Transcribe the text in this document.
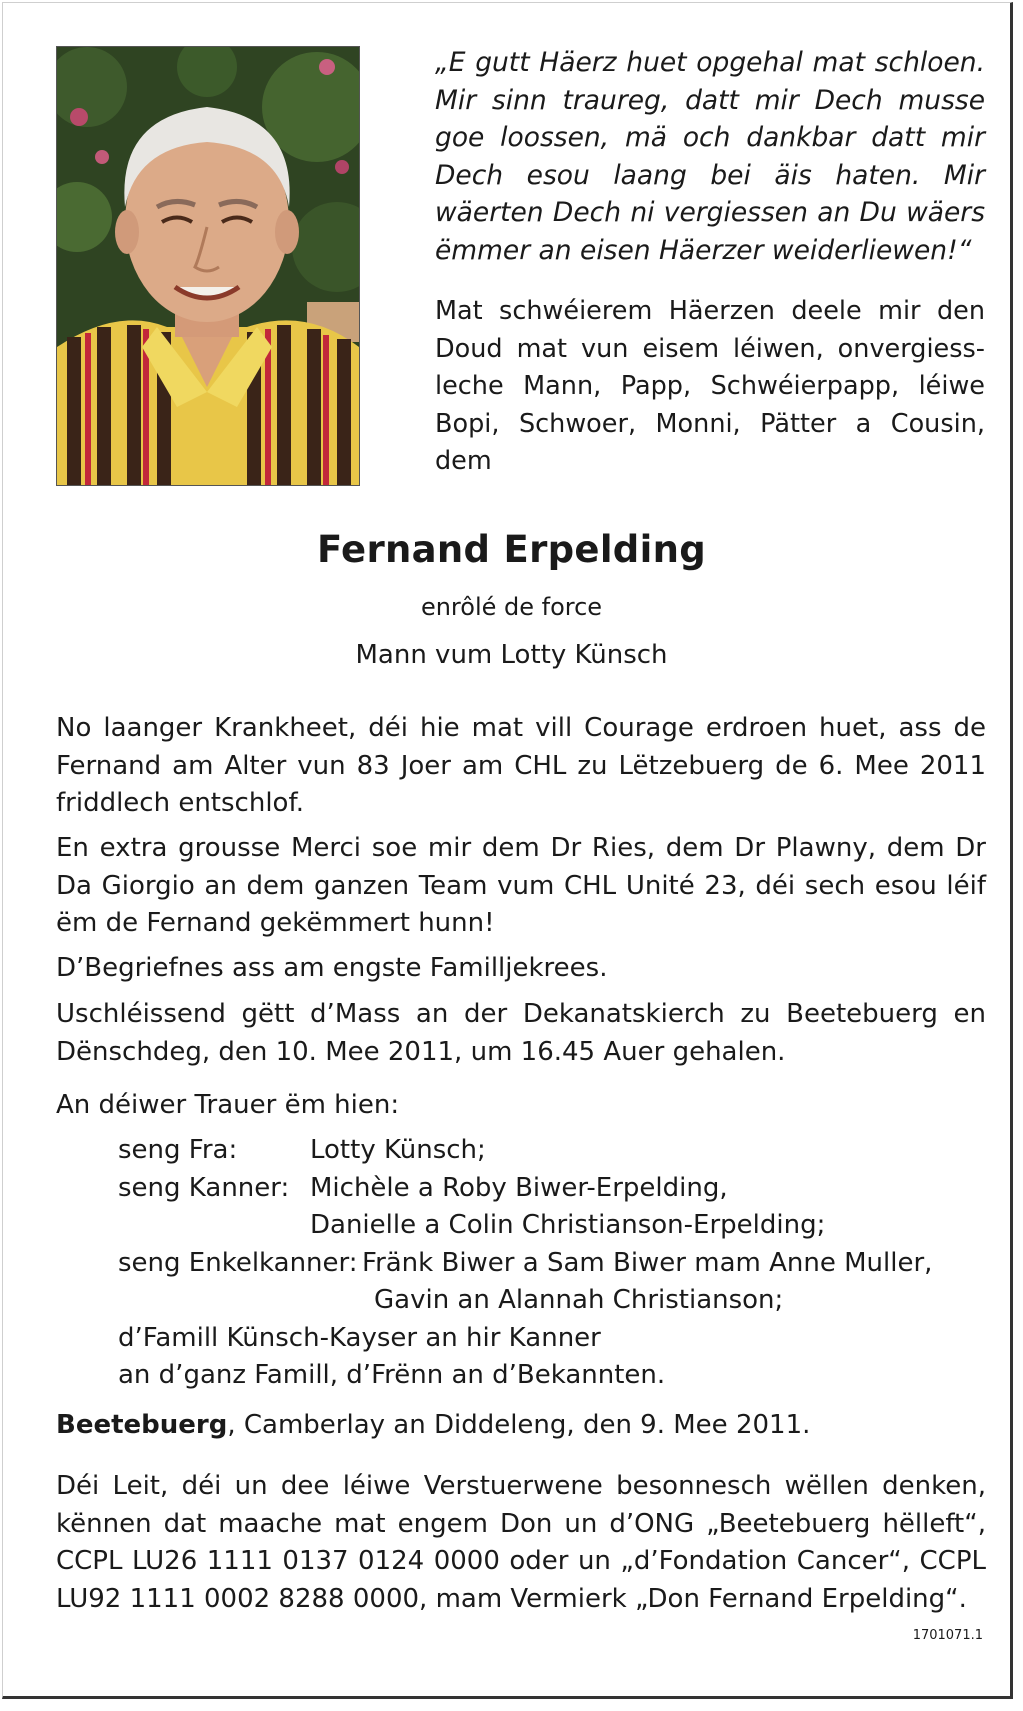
„E gutt Häerz huet opgehal mat schloen. Mir sinn traureg, datt mir Dech musse goe loossen, mä och dankbar datt mir Dech esou laang bei äis haten. Mir wäerten Dech ni vergiessen an Du wäers ëmmer an eisen Häerzer weiderliewen!“

Mat schwéierem Häerzen deele mir den Doud mat vun eisem léiwen, onvergiess-leche Mann, Papp, Schwéierpapp, léiwe Bopi, Schwoer, Monni, Pätter a Cousin, dem

Fernand Erpelding

enrôlé de force

Mann vum Lotty Künsch

No laanger Krankheet, déi hie mat vill Courage erdroen huet, ass de Fernand am Alter vun 83 Joer am CHL zu Lëtzebuerg de 6. Mee 2011 friddlech entschlof.

En extra grousse Merci soe mir dem Dr Ries, dem Dr Plawny, dem Dr Da Giorgio an dem ganzen Team vum CHL Unité 23, déi sech esou léif ëm de Fernand gekëmmert hunn!

D’Begriefnes ass am engste Familljekrees.

Uschléissend gëtt d’Mass an der Dekanatskierch zu Beetebuerg en Dënschdeg, den 10. Mee 2011, um 16.45 Auer gehalen.

An déiwer Trauer ëm hien:

seng Fra:	Lotty Künsch;
seng Kanner: Michèle a Roby Biwer-Erpelding,
Danielle a Colin Christianson-Erpelding;
seng Enkelkanner: Fränk Biwer a Sam Biwer mam Anne Muller,
Gavin an Alannah Christianson;
d’Famill Künsch-Kayser an hir Kanner
an d’ganz Famill, d’Frënn an d’Bekannten.

Beetebuerg, Camberlay an Diddeleng, den 9. Mee 2011.

Déi Leit, déi un dee léiwe Verstuerwene besonnesch wëllen denken, kënnen dat maache mat engem Don un d’ONG „Beetebuerg hëlleft“, CCPL LU26 1111 0137 0124 0000 oder un „d’Fondation Cancer“, CCPL LU92 1111 0002 8288 0000, mam Vermierk „Don Fernand Erpelding“.

1701071.1
